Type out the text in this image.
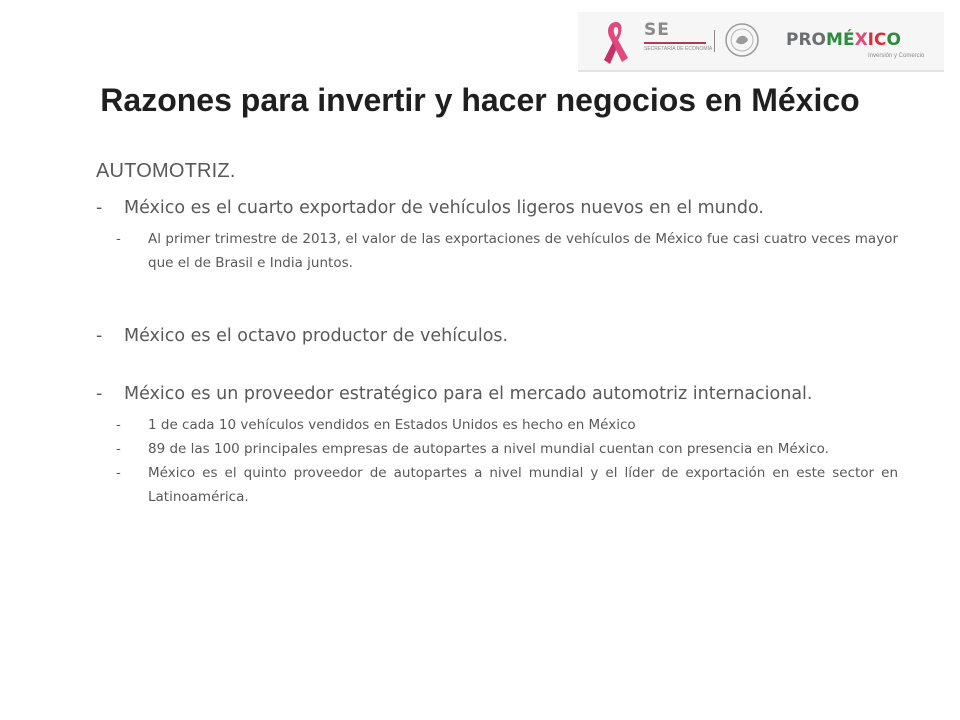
SE
SECRETARÍA DE ECONOMÍA	PROMÉXICO
Inversión y Comercio
Razones para invertir y hacer negocios en México

AUTOMOTRIZ.

- México es el cuarto exportador de vehículos ligeros nuevos en el mundo.

- Al primer trimestre de 2013, el valor de las exportaciones de vehículos de México fue casi cuatro veces mayor que el de Brasil e India juntos.

- México es el octavo productor de vehículos.

- México es un proveedor estratégico para el mercado automotriz internacional.

- 1 de cada 10 vehículos vendidos en Estados Unidos es hecho en México

- 89 de las 100 principales empresas de autopartes a nivel mundial cuentan con presencia en México.

- México es el quinto proveedor de autopartes a nivel mundial y el líder de exportación en este sector en Latinoamérica.
